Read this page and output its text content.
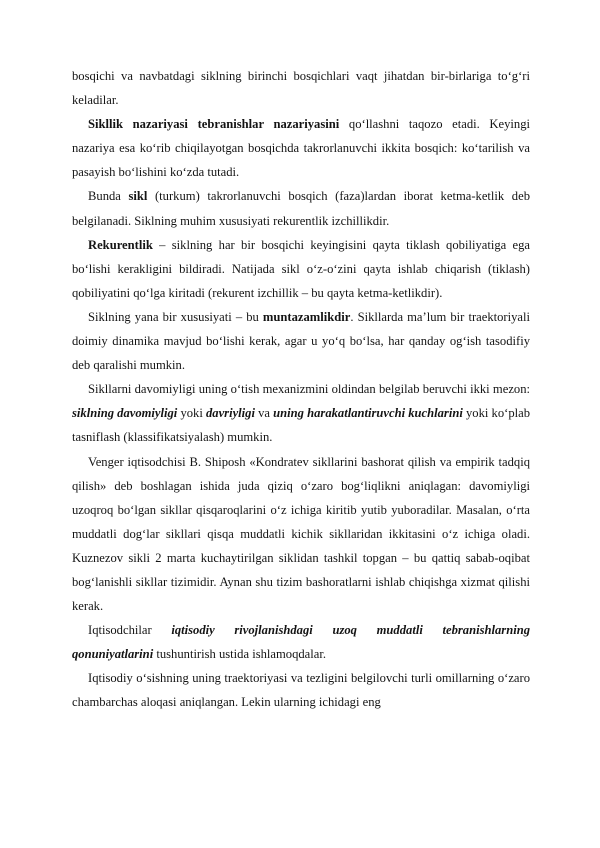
bosqichi va navbatdagi siklning birinchi bosqichlari vaqt jihatdan bir-birlariga to‘g‘ri keladilar.

Sikllik nazariyasi tebranishlar nazariyasini qo‘llashni taqozo etadi. Keyingi nazariya esa ko‘rib chiqilayotgan bosqichda takrorlanuvchi ikkita bosqich: ko‘tarilish va pasayish bo‘lishini ko‘zda tutadi.

Bunda sikl (turkum) takrorlanuvchi bosqich (faza)lardan iborat ketma-ketlik deb belgilanadi. Siklning muhim xususiyati rekurentlik izchillikdir.

Rekurentlik – siklning har bir bosqichi keyingisini qayta tiklash qobiliyatiga ega bo‘lishi kerakligini bildiradi. Natijada sikl o‘z-o‘zini qayta ishlab chiqarish (tiklash) qobiliyatini qo‘lga kiritadi (rekurent izchillik – bu qayta ketma-ketlikdir).

Siklning yana bir xususiyati – bu muntazamlikdir. Sikllarda ma’lum bir traektoriyali doimiy dinamika mavjud bo‘lishi kerak, agar u yo‘q bo‘lsa, har qanday og‘ish tasodifiy deb qaralishi mumkin.

Sikllarni davomiyligi uning o‘tish mexanizmini oldindan belgilab beruvchi ikki mezon: siklning davomiyligi yoki davriyligi va uning harakatlantiruvchi kuchlarini yoki ko‘plab tasniflash (klassifikatsiyalash) mumkin.

Venger iqtisodchisi B. Shiposh «Kondratev sikllarini bashorat qilish va empirik tadqiq qilish» deb boshlagan ishida juda qiziq o‘zaro bog‘liqlikni aniqlagan: davomiyligi uzoqroq bo‘lgan sikllar qisqaroqlarini o‘z ichiga kiritib yutib yuboradilar. Masalan, o‘rta muddatli dog‘lar sikllari qisqa muddatli kichik sikllaridan ikkitasini o‘z ichiga oladi. Kuznezov sikli 2 marta kuchaytirilgan siklidan tashkil topgan – bu qattiq sabab-oqibat bog‘lanishli sikllar tizimidir. Aynan shu tizim bashoratlarni ishlab chiqishga xizmat qilishi kerak.

Iqtisodchilar iqtisodiy rivojlanishdagi uzoq muddatli tebranishlarning qonuniyatlarini tushuntirish ustida ishlamoqdalar.

Iqtisodiy o‘sishning uning traektoriyasi va tezligini belgilovchi turli omillarning o‘zaro chambarchas aloqasi aniqlangan. Lekin ularning ichidagi eng
